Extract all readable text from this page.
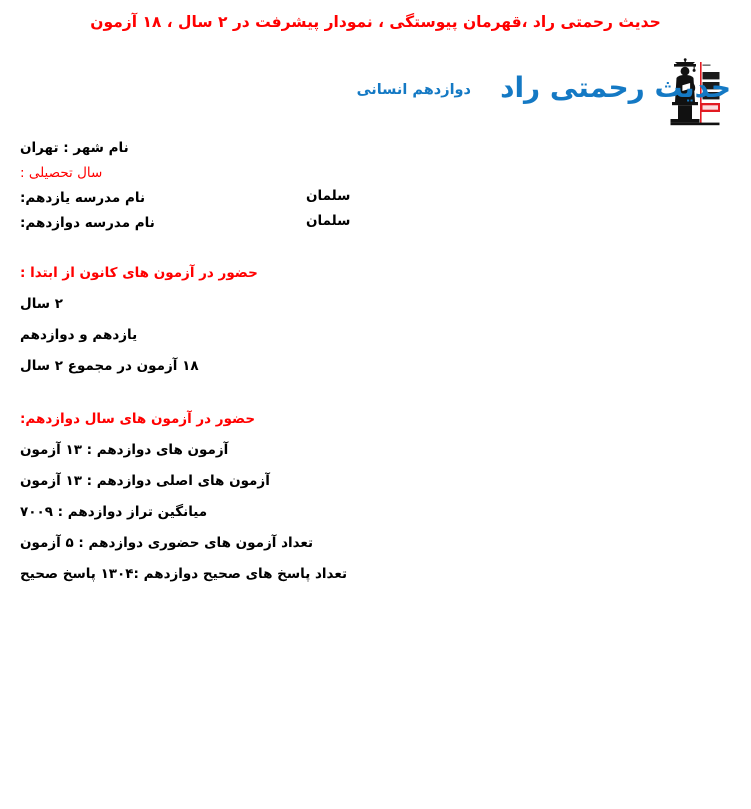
حدیث رحمتی راد ،قهرمان پیوستگی ، نمودار پیشرفت در ۲ سال ، ۱۸ آزمون
حدیث رحمتی راد
دوازدهم انسانی
نام شهر : تهران
سال تحصیلی :
نام مدرسه یازدهم:	سلمان
نام مدرسه دوازدهم:	سلمان
حضور در آزمون های کانون از ابتدا :
۲ سال
یازدهم و دوازدهم
۱۸ آزمون در مجموع ۲ سال
حضور در آزمون های سال دوازدهم:
آزمون های دوازدهم : ۱۳ آزمون
آزمون های اصلی دوازدهم : ۱۳ آزمون
میانگین تراز دوازدهم : ۷۰۰۹
تعداد آزمون های حضوری دوازدهم : ۵ آزمون
تعداد پاسخ های صحیح دوازدهم :۱۳۰۴ پاسخ صحیح
